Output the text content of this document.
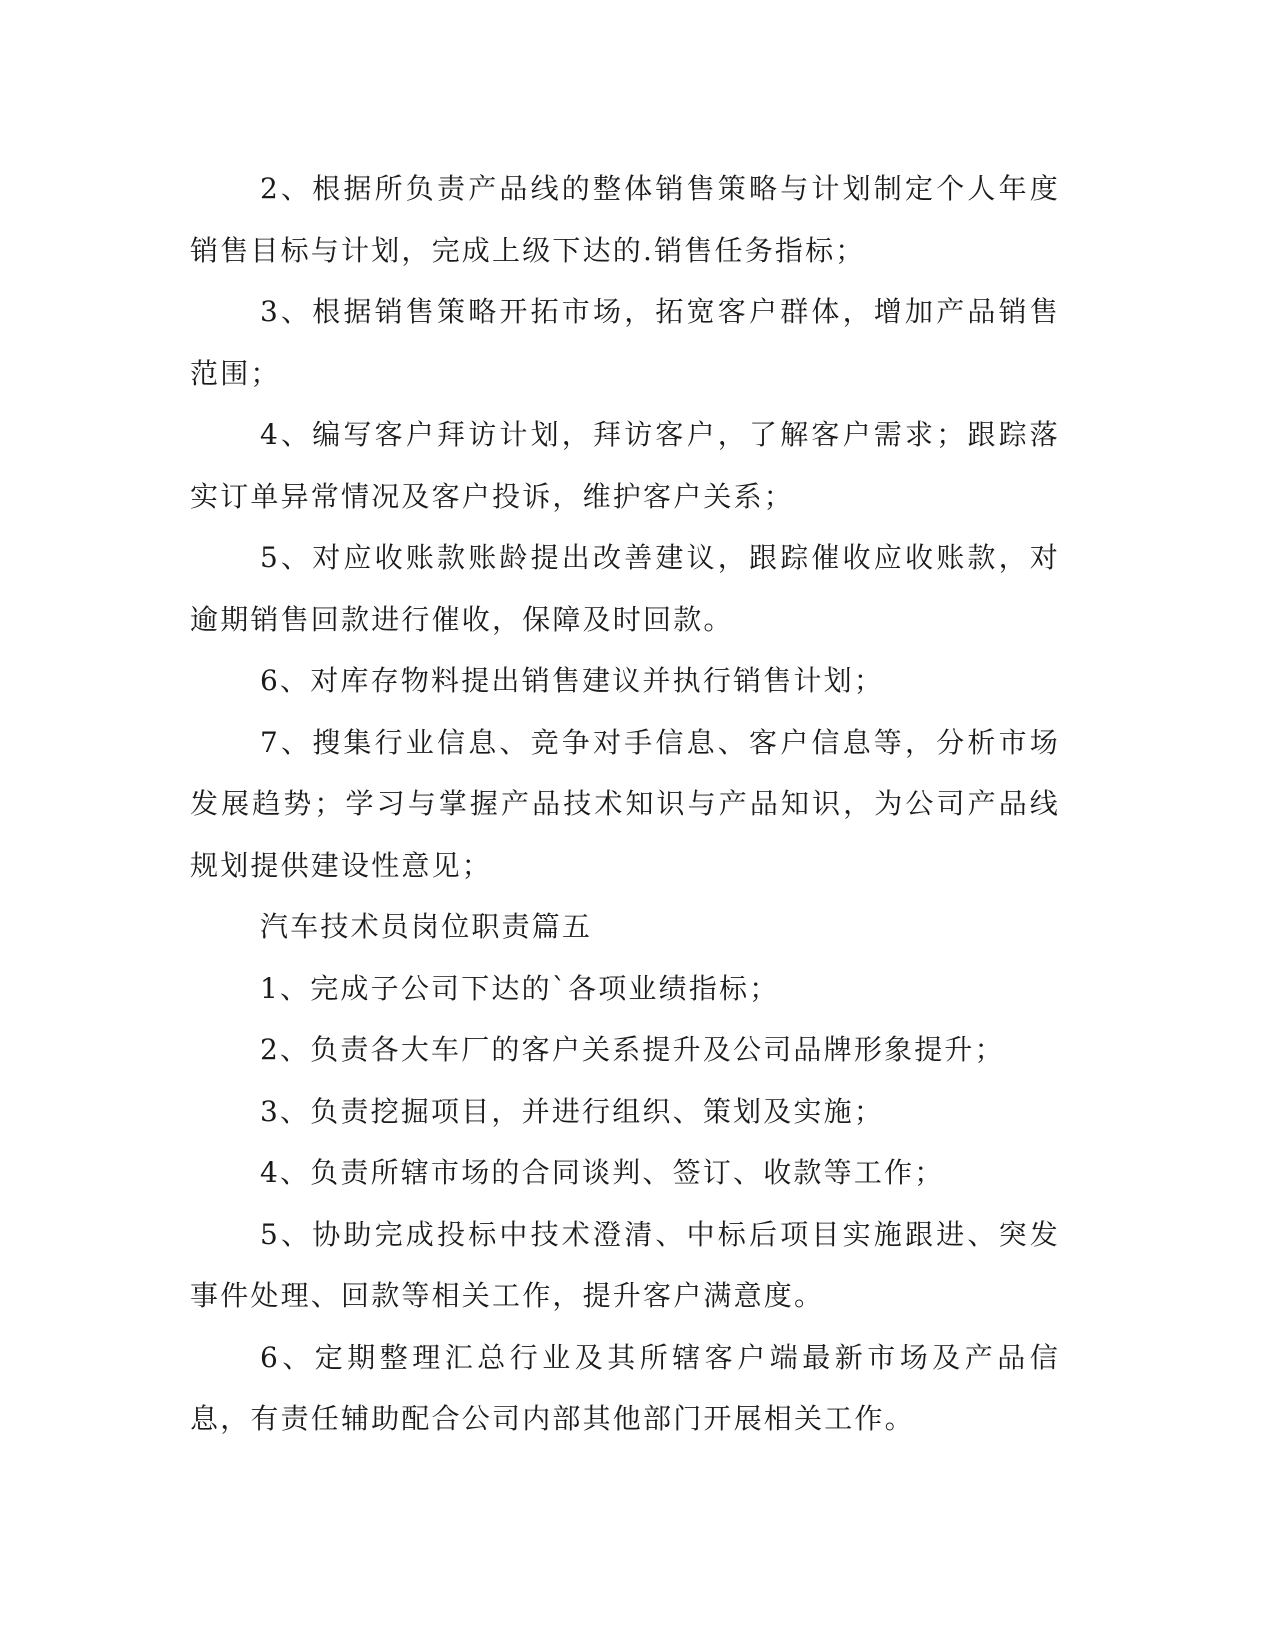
2、根据所负责产品线的整体销售策略与计划制定个人年度销售目标与计划，完成上级下达的.销售任务指标；

3、根据销售策略开拓市场，拓宽客户群体，增加产品销售范围；

4、编写客户拜访计划，拜访客户，了解客户需求；跟踪落实订单异常情况及客户投诉，维护客户关系；

5、对应收账款账龄提出改善建议，跟踪催收应收账款，对逾期销售回款进行催收，保障及时回款。

6、对库存物料提出销售建议并执行销售计划；

7、搜集行业信息、竞争对手信息、客户信息等，分析市场发展趋势；学习与掌握产品技术知识与产品知识，为公司产品线规划提供建设性意见；

汽车技术员岗位职责篇五

1、完成子公司下达的`各项业绩指标；

2、负责各大车厂的客户关系提升及公司品牌形象提升；

3、负责挖掘项目，并进行组织、策划及实施；

4、负责所辖市场的合同谈判、签订、收款等工作；

5、协助完成投标中技术澄清、中标后项目实施跟进、突发事件处理、回款等相关工作，提升客户满意度。

6、定期整理汇总行业及其所辖客户端最新市场及产品信息，有责任辅助配合公司内部其他部门开展相关工作。
